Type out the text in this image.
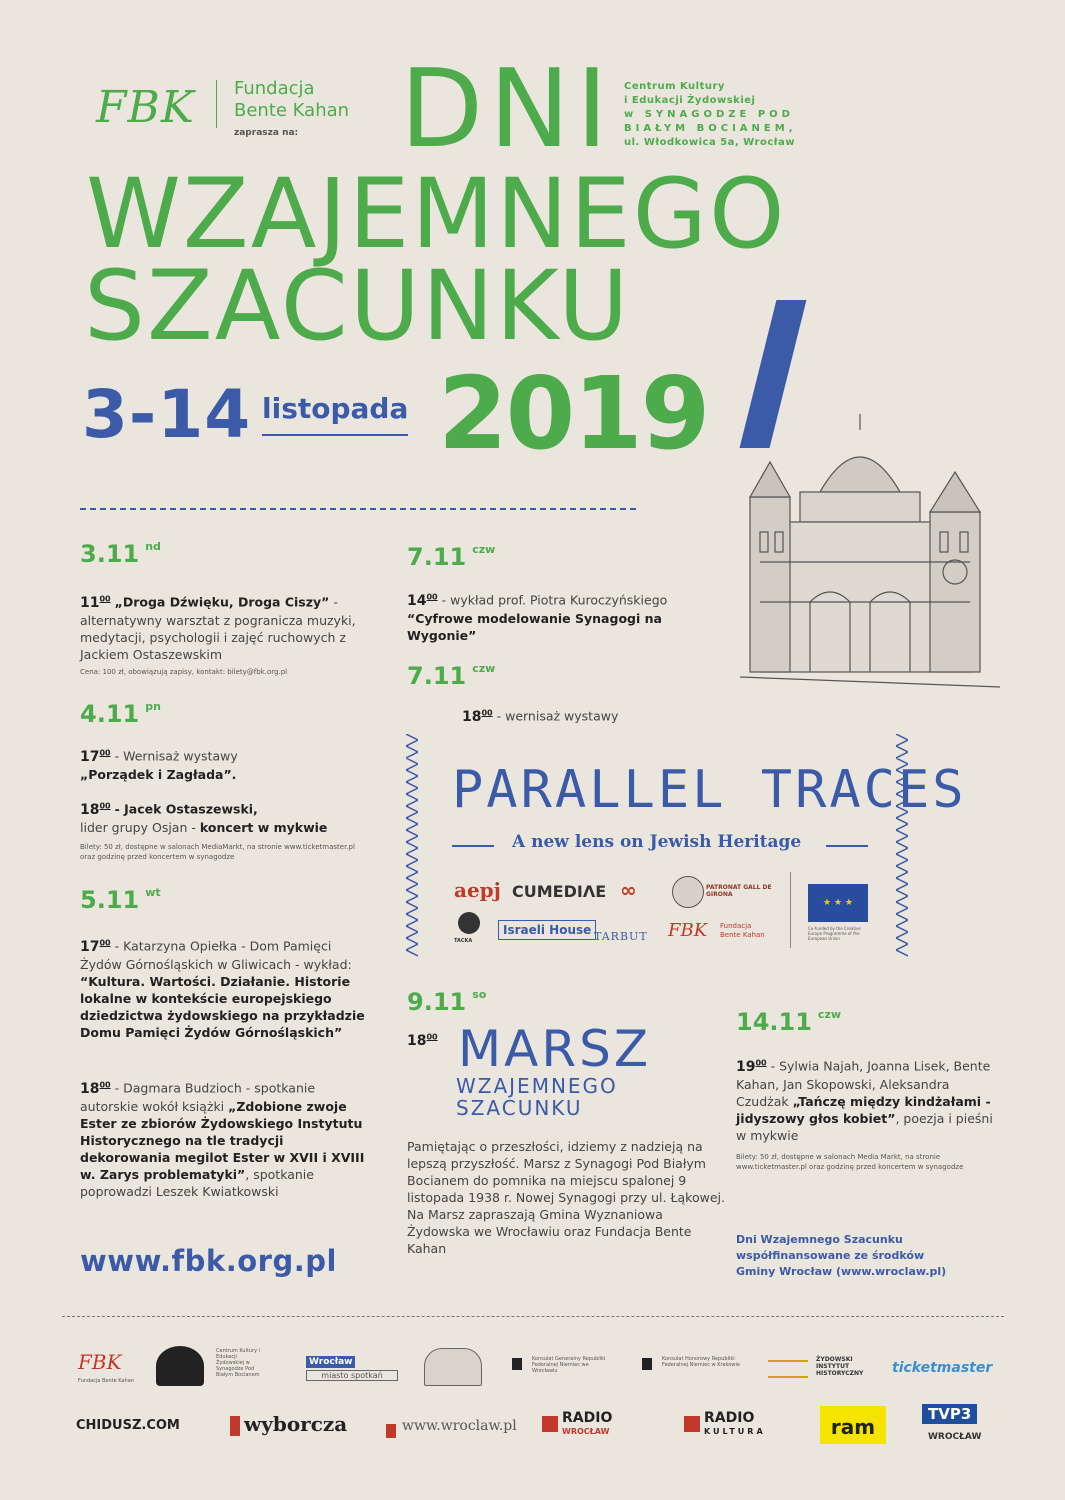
FBK Fundacja
Bente Kahan
zaprasza na: DNI Centrum Kultury
i Edukacji Żydowskiej
w SYNAGODZE POD
BIAŁYM BOCIANEM,
ul. Włodkowica 5a, Wrocław
WZAJEMNEGO
SZACUNKU
3-14 listopada 2019
3.11 $^{nd}$
$11^{00}$ „Droga Dźwięku, Droga Ciszy” - alternatywny warsztat z pogranicza muzyki, medytacji, psychologii i zajęć ruchowych z Jackiem Ostaszewskim
Cena: 100 zł, obowiązują zapisy, kontakt: bilety@fbk.org.pl
4.11 $^{pn}$
$17^{00}$ - Wernisaż wystawy
„Porządek i Zagłada”.
$18^{00}$ - Jacek Ostaszewski,
lider grupy Osjan - koncert w mykwie
Bilety: 50 zł, dostępne w salonach MediaMarkt, na stronie www.ticketmaster.pl oraz godzinę przed koncertem w synagodze
5.11 $^{wt}$
$17^{00}$ - Katarzyna Opiełka - Dom Pamięci Żydów Górnośląskich w Gliwicach - wykład: “Kultura. Wartości. Działanie. Historie lokalne w kontekście europejskiego dziedzictwa żydowskiego na przykładzie Domu Pamięci Żydów Górnośląskich”
$18^{00}$ - Dagmara Budzioch - spotkanie autorskie wokół książki „Zdobione zwoje Ester ze zbiorów Żydowskiego Instytutu Historycznego na tle tradycji dekorowania megilot Ester w XVII i XVIII w. Zarys problematyki”, spotkanie poprowadzi Leszek Kwiatkowski
www.fbk.org.pl
7.11 $^{czw}$
$14^{00}$ - wykład prof. Piotra Kuroczyńskiego
“Cyfrowe modelowanie Synagogi na Wygonie”
7.11 $^{czw}$
$18^{00}$ - wernisaż wystawy
PARALLEL TRACES
A new lens on Jewish Heritage
aepj CUMEDIΛE ∞	PATRONAT GALL DE GIRONA
★ ★ ★
Co-funded by the Creative Europe Programme of the European Union
TACKA
Israeli House TARBUT FBK Fundacja Bente Kahan
9.11 $^{so}$
$18^{00}$ MARSZ
WZAJEMNEGO
SZACUNKU
Pamiętając o przeszłości, idziemy z nadzieją na lepszą przyszłość. Marsz z Synagogi Pod Białym Bocianem do pomnika na miejscu spalonej 9 listopada 1938 r. Nowej Synagogi przy ul. Łąkowej. Na Marsz zapraszają Gmina Wyznaniowa Żydowska we Wrocławiu oraz Fundacja Bente Kahan
14.11 $^{czw}$
$19^{00}$ - Sylwia Najah, Joanna Lisek, Bente Kahan, Jan Skopowski, Aleksandra Czudżak „Tańczę między kindżałami - jidyszowy głos kobiet”, poezja i pieśni w mykwie
Bilety: 50 zł, dostępne w salonach Media Markt, na stronie www.ticketmaster.pl oraz godzinę przed koncertem w synagodze
Dni Wzajemnego Szacunku
współfinansowane ze środków
Gminy Wrocław (www.wroclaw.pl)
FBK
Fundacja Bente Kahan
Centrum Kultury i Edukacji Żydowskiej w Synagodze Pod Białym Bocianem
Wrocław
miasto spotkań
Konsulat Generalny Republiki Federalnej Niemiec we Wrocławiu
Konsulat Honorowy Republiki Federalnej Niemiec w Krakowie
ŻYDOWSKI INSTYTUT HISTORYCZNY	ticketmaster
CHIDUSZ.COM	wyborcza	www.wroclaw.pl	RADIO
WROCŁAW
RADIO
KULTURA	ram
TVP3
WROCŁAW
